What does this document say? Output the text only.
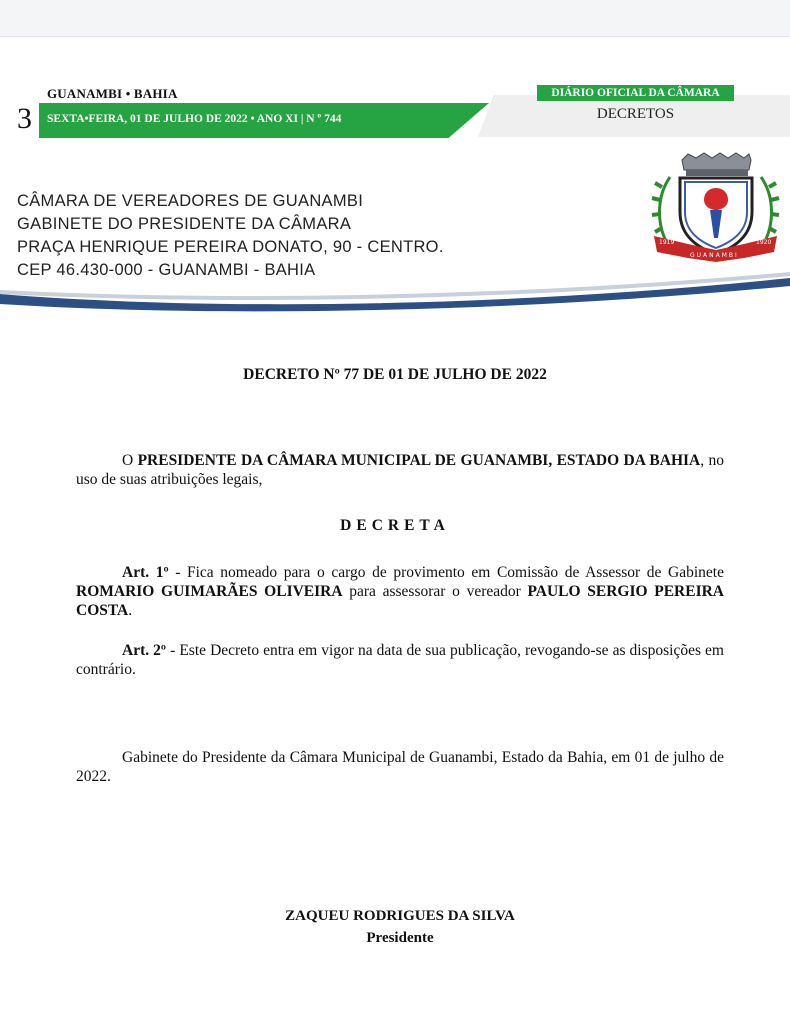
GUANAMBI • BAHIA
3 SEXTA•FEIRA, 01 DE JULHO DE 2022 • ANO XI | N º 744
DIÁRIO OFICIAL DA CÂMARA
DECRETOS
CÂMARA DE VEREADORES DE GUANAMBI
GABINETE DO PRESIDENTE DA CÂMARA
PRAÇA HENRIQUE PEREIRA DONATO, 90 - CENTRO.
CEP 46.430-000 - GUANAMBI - BAHIA
1919	1920
GUANAMBI
DECRETO Nº 77 DE 01 DE JULHO DE 2022
O PRESIDENTE DA CÂMARA MUNICIPAL DE GUANAMBI, ESTADO DA BAHIA, no uso de suas atribuições legais,
DECRETA
Art. 1º - Fica nomeado para o cargo de provimento em Comissão de Assessor de Gabinete ROMARIO GUIMARÃES OLIVEIRA para assessorar o vereador PAULO SERGIO PEREIRA COSTA.
Art. 2º - Este Decreto entra em vigor na data de sua publicação, revogando-se as disposições em contrário.
Gabinete do Presidente da Câmara Municipal de Guanambi, Estado da Bahia, em 01 de julho de 2022.
ZAQUEU RODRIGUES DA SILVA
Presidente
